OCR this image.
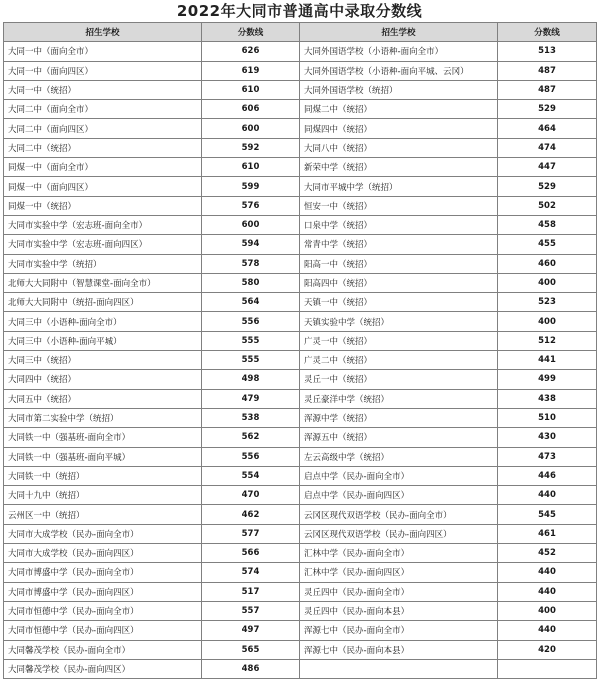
2022年大同市普通高中录取分数线
招生学校	分数线	招生学校	分数线
大同一中（面向全市）	626	大同外国语学校（小语种-面向全市）	513
大同一中（面向四区）	619	大同外国语学校（小语种-面向平城、云冈）	487
大同一中（统招）	610	大同外国语学校（统招）	487
大同二中（面向全市）	606	同煤二中（统招）	529
大同二中（面向四区）	600	同煤四中（统招）	464
大同二中（统招）	592	大同八中（统招）	474
同煤一中（面向全市）	610	新荣中学（统招）	447
同煤一中（面向四区）	599	大同市平城中学（统招）	529
同煤一中（统招）	576	恒安一中（统招）	502
大同市实验中学（宏志班-面向全市）	600	口泉中学（统招）	458
大同市实验中学（宏志班-面向四区）	594	常青中学（统招）	455
大同市实验中学（统招）	578	阳高一中（统招）	460
北师大大同附中（智慧课堂-面向全市）	580	阳高四中（统招）	400
北师大大同附中（统招-面向四区）	564	天镇一中（统招）	523
大同三中（小语种-面向全市）	556	天镇实验中学（统招）	400
大同三中（小语种-面向平城）	555	广灵一中（统招）	512
大同三中（统招）	555	广灵二中（统招）	441
大同四中（统招）	498	灵丘一中（统招）	499
大同五中（统招）	479	灵丘豪洋中学（统招）	438
大同市第二实验中学（统招）	538	浑源中学（统招）	510
大同铁一中（强基班-面向全市）	562	浑源五中（统招）	430
大同铁一中（强基班-面向平城）	556	左云高级中学（统招）	473
大同铁一中（统招）	554	启点中学（民办-面向全市）	446
大同十九中（统招）	470	启点中学（民办-面向四区）	440
云州区一中（统招）	462	云冈区现代双语学校（民办-面向全市）	545
大同市大成学校（民办-面向全市）	577	云冈区现代双语学校（民办-面向四区）	461
大同市大成学校（民办-面向四区）	566	汇林中学（民办-面向全市）	452
大同市博盛中学（民办-面向全市）	574	汇林中学（民办-面向四区）	440
大同市博盛中学（民办-面向四区）	517	灵丘四中（民办-面向全市）	440
大同市恒德中学（民办-面向全市）	557	灵丘四中（民办-面向本县）	400
大同市恒德中学（民办-面向四区）	497	浑源七中（民办-面向全市）	440
大同馨茂学校（民办-面向全市）	565	浑源七中（民办-面向本县）	420
大同馨茂学校（民办-面向四区）	486		
